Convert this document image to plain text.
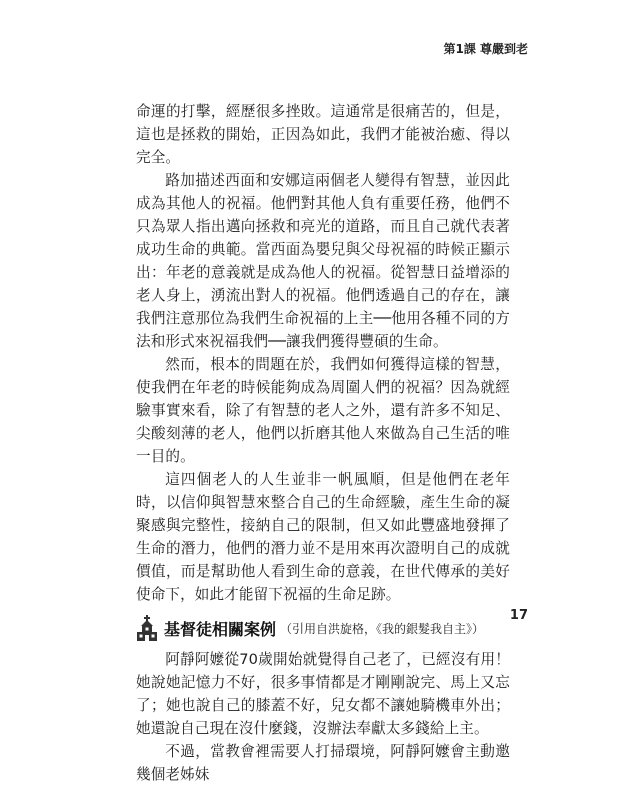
第1課 尊嚴到老

命運的打擊，經歷很多挫敗。這通常是很痛苦的，但是，這也是拯救的開始，正因為如此，我們才能被治癒、得以完全。

路加描述西面和安娜這兩個老人變得有智慧，並因此成為其他人的祝福。他們對其他人負有重要任務，他們不只為眾人指出邁向拯救和亮光的道路，而且自己就代表著成功生命的典範。當西面為嬰兒與父母祝福的時候正顯示出：年老的意義就是成為他人的祝福。從智慧日益增添的老人身上，湧流出對人的祝福。他們透過自己的存在，讓我們注意那位為我們生命祝福的上主──他用各種不同的方法和形式來祝福我們──讓我們獲得豐碩的生命。

然而，根本的問題在於，我們如何獲得這樣的智慧，使我們在年老的時候能夠成為周圍人們的祝福？因為就經驗事實來看，除了有智慧的老人之外，還有許多不知足、尖酸刻薄的老人，他們以折磨其他人來做為自己生活的唯一目的。

這四個老人的人生並非一帆風順，但是他們在老年時，以信仰與智慧來整合自己的生命經驗，產生生命的凝聚感與完整性，接納自己的限制，但又如此豐盛地發揮了生命的潛力，他們的潛力並不是用來再次證明自己的成就價值，而是幫助他人看到生命的意義，在世代傳承的美好使命下，如此才能留下祝福的生命足跡。

基督徒相關案例 （引用自洪旋格，《我的銀髮我自主》）

阿靜阿嬤從70歲開始就覺得自己老了，已經沒有用！她說她記憶力不好，很多事情都是才剛剛說完、馬上又忘了；她也說自己的膝蓋不好，兒女都不讓她騎機車外出；她還說自己現在沒什麼錢，沒辦法奉獻太多錢給上主。

不過，當教會裡需要人打掃環境，阿靜阿嬤會主動邀幾個老姊妹

17
